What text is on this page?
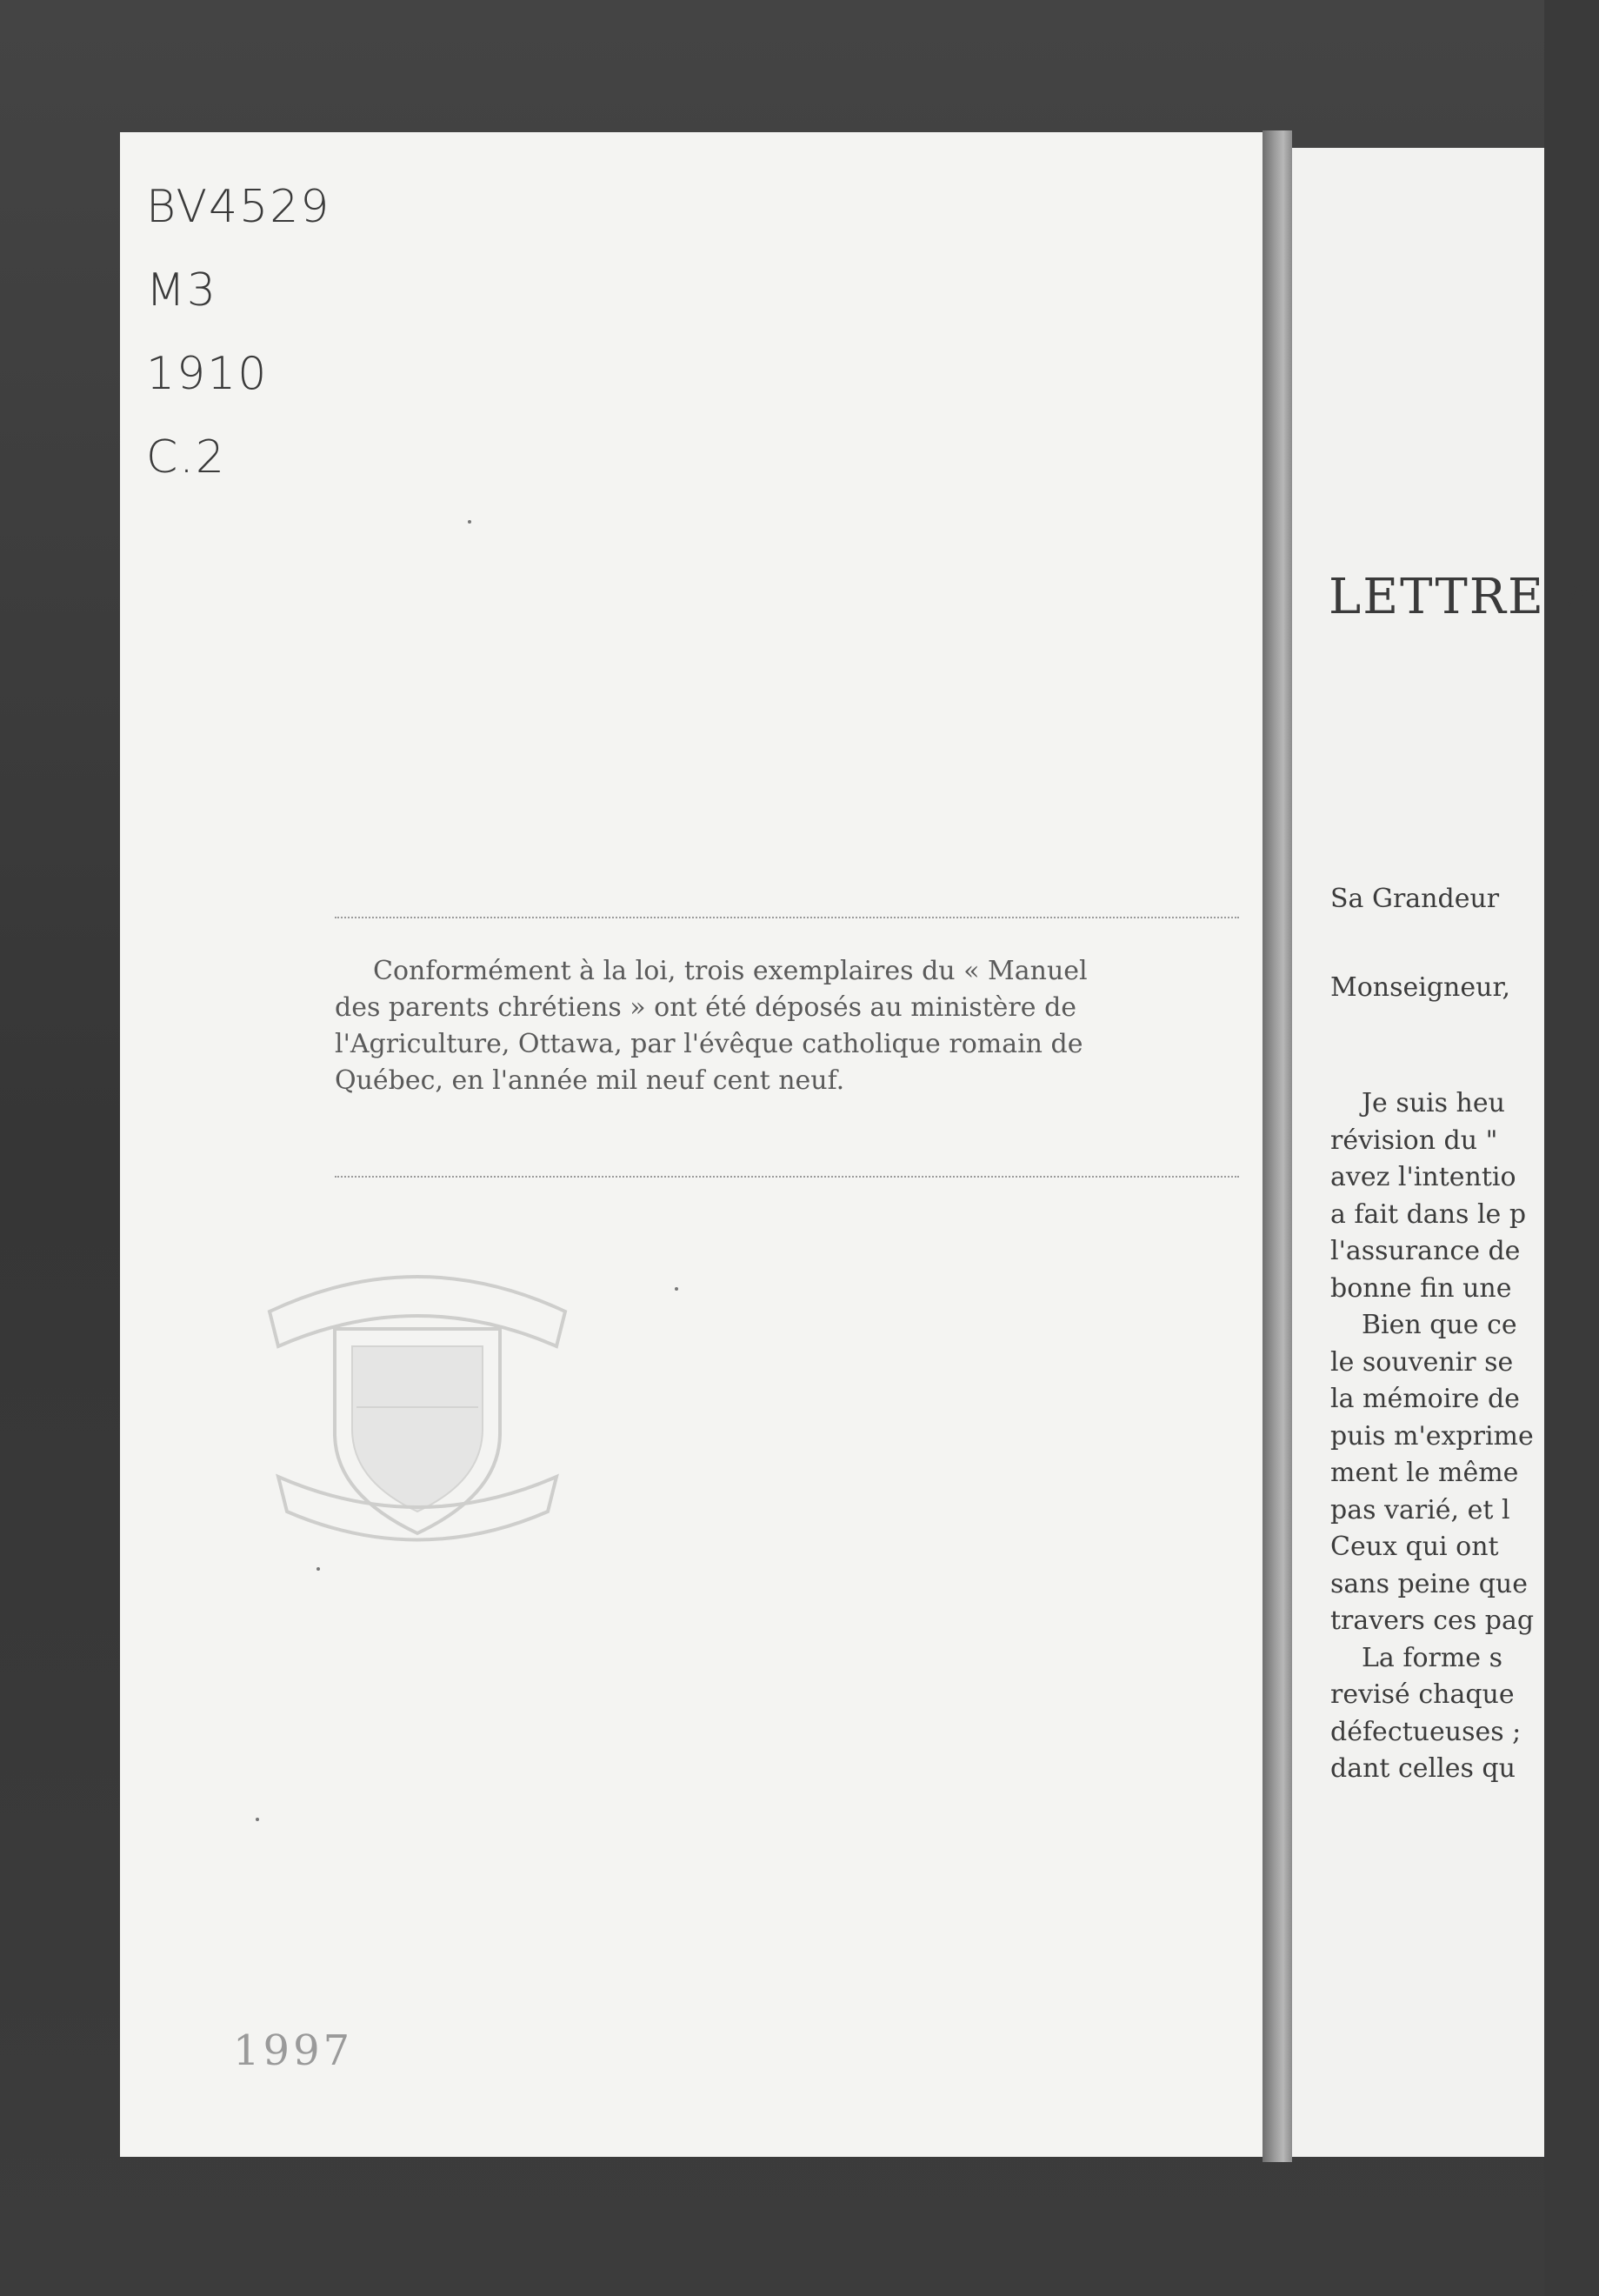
BV4529
M3
1910
C.2
Conformément à la loi, trois exemplaires du « Manuel
des parents chrétiens » ont été déposés au ministère de
l'Agriculture, Ottawa, par l'évêque catholique romain de
Québec, en l'année mil neuf cent neuf.
1997
LETTRE A
Sa Grandeur
Monseigneur,
Je suis heu
révision du "
avez l'intentio
a fait dans le p
l'assurance de
bonne fin une
Bien que ce
le souvenir se
la mémoire de
puis m'exprime
ment le même
pas varié, et l
Ceux qui ont
sans peine que
travers ces pag
La forme s
revisé chaque
défectueuses ;
dant celles qu
